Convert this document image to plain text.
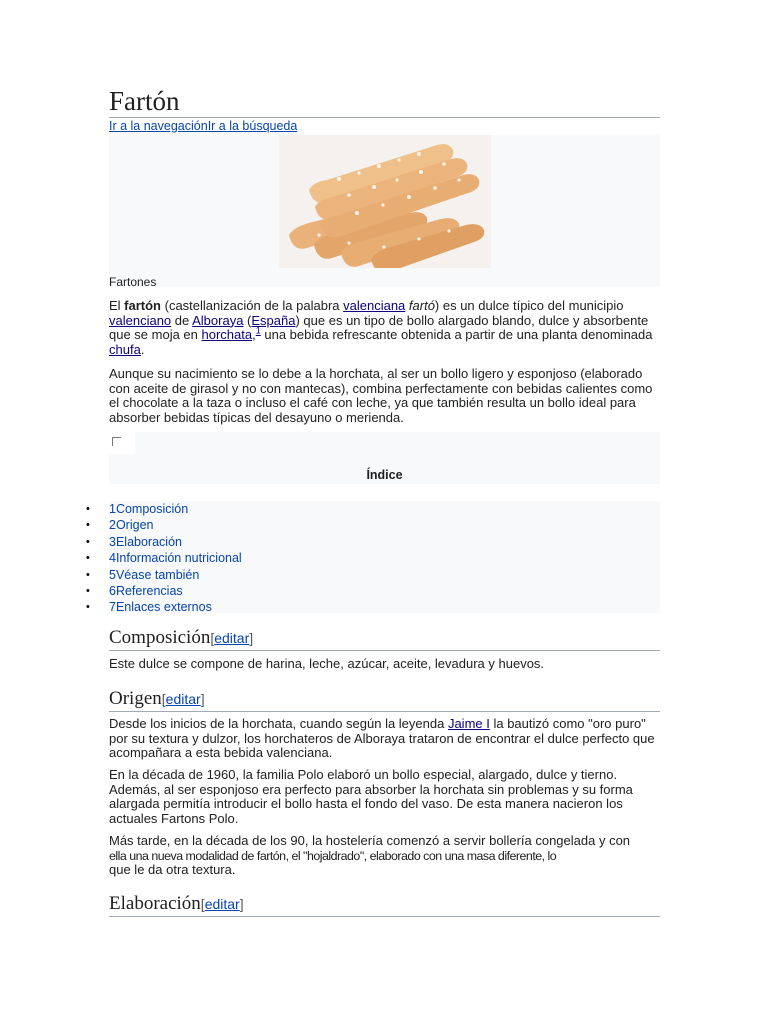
Fartón
Ir a la navegaciónIr a la búsqueda
Fartones

El fartón (castellanización de la palabra valenciana fartó) es un dulce típico del municipio valenciano de Alboraya (España) que es un tipo de bollo alargado blando, dulce y absorbente que se moja en horchata,$^1$ una bebida refrescante obtenida a partir de una planta denominada chufa.

Aunque su nacimiento se lo debe a la horchata, al ser un bollo ligero y esponjoso (elaborado con aceite de girasol y no con mantecas), combina perfectamente con bebidas calientes como el chocolate a la taza o incluso el café con leche, ya que también resulta un bollo ideal para absorber bebidas típicas del desayuno o merienda.

Índice
• 1Composición
• 2Origen
• 3Elaboración
• 4Información nutricional
• 5Véase también
• 6Referencias
• 7Enlaces externos
Composición[editar]

Este dulce se compone de harina, leche, azúcar, aceite, levadura y huevos.

Origen[editar]

Desde los inicios de la horchata, cuando según la leyenda Jaime I la bautizó como "oro puro" por su textura y dulzor, los horchateros de Alboraya trataron de encontrar el dulce perfecto que acompañara a esta bebida valenciana.

En la década de 1960, la familia Polo elaboró un bollo especial, alargado, dulce y tierno. Además, al ser esponjoso era perfecto para absorber la horchata sin problemas y su forma alargada permitía introducir el bollo hasta el fondo del vaso. De esta manera nacieron los actuales Fartons Polo.

Más tarde, en la década de los 90, la hostelería comenzó a servir bollería congelada y con
ella una nueva modalidad de fartón, el "hojaldrado", elaborado con una masa diferente, lo
que le da otra textura.

Elaboración[editar]
